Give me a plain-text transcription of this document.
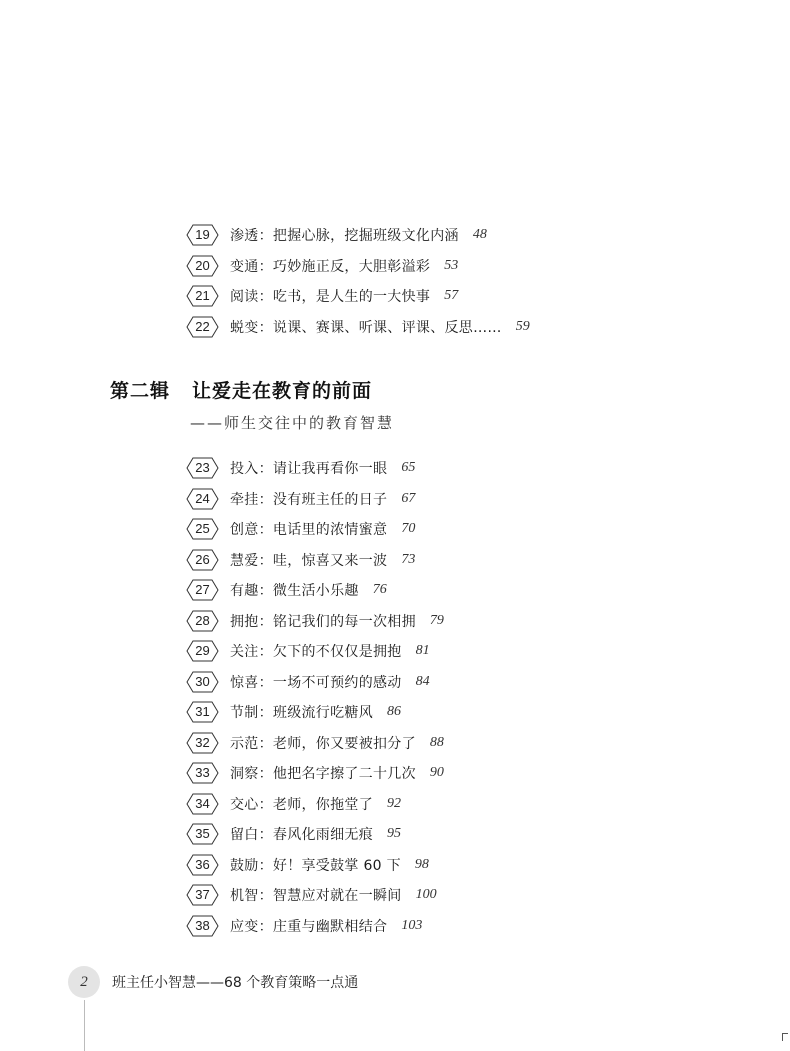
19	渗透：把握心脉，挖掘班级文化内涵 48
20	变通：巧妙施正反，大胆彰溢彩 53
21	阅读：吃书，是人生的一大快事 57
22	蜕变：说课、赛课、听课、评课、反思…… 59
第二辑 让爱走在教育的前面
——师生交往中的教育智慧
23	投入：请让我再看你一眼 65
24	牵挂：没有班主任的日子 67
25	创意：电话里的浓情蜜意 70
26	慧爱：哇，惊喜又来一波 73
27	有趣：微生活小乐趣 76
28	拥抱：铭记我们的每一次相拥 79
29	关注：欠下的不仅仅是拥抱 81
30	惊喜：一场不可预约的感动 84
31	节制：班级流行吃糖风 86
32	示范：老师，你又要被扣分了 88
33	洞察：他把名字擦了二十几次 90
34	交心：老师，你拖堂了 92
35	留白：春风化雨细无痕 95
36	鼓励：好！享受鼓掌 60 下 98
37	机智：智慧应对就在一瞬间 100
38	应变：庄重与幽默相结合 103
2	班主任小智慧——68 个教育策略一点通
